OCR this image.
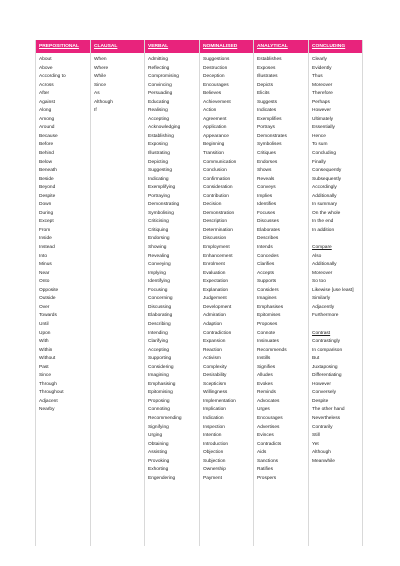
PREPOSITIONAL
About
Above
According to
Across
After
Against
Along
Among
Around
Because
Before
Behind
Below
Beneath
Beside
Beyond
Despite
Down
During
Except
From
Inside
Instead
Into
Minus
Near
Onto
Opposite
Outside
Over
Towards
Until
Upon
With
Within
Without
Past
Since
Through
Throughout
Adjacent
Nearby
CLAUSAL
When
Where
While
Since
As
Although
If
VERBAL
Admitting
Reflecting
Compromising
Convincing
Persuading
Educating
Realising
Accepting
Acknowledging
Establishing
Exposing
Illustrating
Depicting
Suggesting
Indicating
Exemplifying
Portraying
Demonstrating
Symbolising
Criticising
Critiquing
Endorsing
Showing
Revealing
Conveying
Implying
Identifying
Focusing
Concerning
Discussing
Elaborating
Describing
Intending
Clarifying
Accepting
Supporting
Considering
Imagining
Emphasising
Epitomising
Proposing
Connoting
Recommending
Signifying
Urging
Obtaining
Assisting
Provoking
Exhorting
Engendering
NOMINALISED
Suggestions
Destruction
Deception
Encourages
Believes
Achievement
Action
Agreement
Application
Appearance
Beginning
Transition
Communication
Conclusion
Confirmation
Consideration
Contribution
Decision
Demonstration
Description
Determination
Discussion
Employment
Enhancement
Enrolment
Evaluation
Expectation
Explanation
Judgement
Development
Admiration
Adaption
Contradiction
Expansion
Reaction
Activism
Complexity
Desirability
Scepticism
Willingness
Implementation
Implication
Indication
Inspection
Intention
Introduction
Objection
Subjection
Ownership
Payment
ANALYTICAL
Establishes
Exposes
Illustrates
Depicts
Elicits
Suggests
Indicates
Exemplifies
Portrays
Demonstrates
Symbolises
Critiques
Endorses
Shows
Reveals
Conveys
Implies
Identifies
Focuses
Discusses
Elaborates
Describes
Intends
Concedes
Clarifies
Accepts
Supports
Considers
Imagines
Emphasises
Epitomises
Proposes
Connote
Insinuates
Recommends
Instills
Signifies
Alludes
Evokes
Reminds
Advocates
Urges
Encourages
Advertises
Evinces
Contradicts
Aids
Sanctions
Ratifies
Prospers
CONCLUDING
Clearly
Evidently
Thus
Moreover
Therefore
Perhaps
However
Ultimately
Essentially
Hence
To sum
Concluding
Finally
Consequently
Subsequently
Accordingly
Additionally
In summary
On the whole
In the end
In addition
Compare
Also
Additionally
Moreover
So too
Likewise [use least]
Similarly
Adjacently
Furthermore
Contrast
Contrastingly
In comparison
But
Juxtaposing
Differentiating
However
Conversely
Despite
The other hand
Nevertheless
Contrarily
Still
Yet
Although
Meanwhile
